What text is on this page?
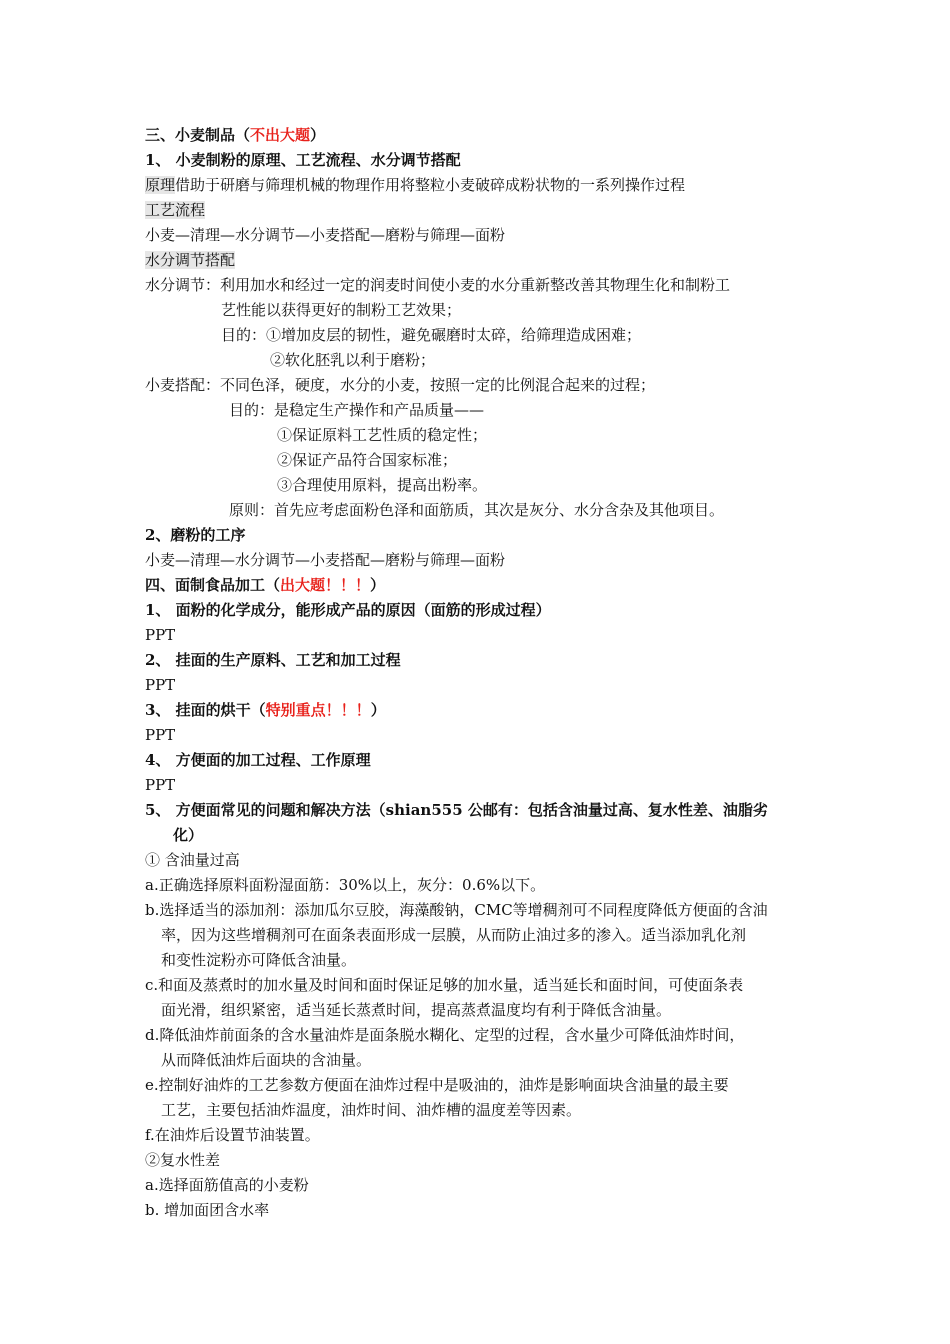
三、小麦制品（不出大题）
1、 小麦制粉的原理、工艺流程、水分调节搭配
原理借助于研磨与筛理机械的物理作用将整粒小麦破碎成粉状物的一系列操作过程
工艺流程
小麦—清理—水分调节—小麦搭配—磨粉与筛理—面粉
水分调节搭配
水分调节：利用加水和经过一定的润麦时间使小麦的水分重新整改善其物理生化和制粉工
艺性能以获得更好的制粉工艺效果；
目的：①增加皮层的韧性，避免碾磨时太碎，给筛理造成困难；
②软化胚乳以利于磨粉；
小麦搭配：不同色泽，硬度，水分的小麦，按照一定的比例混合起来的过程；
目的：是稳定生产操作和产品质量——
①保证原料工艺性质的稳定性；
②保证产品符合国家标准；
③合理使用原料，提高出粉率。
原则：首先应考虑面粉色泽和面筋质，其次是灰分、水分含杂及其他项目。
2、磨粉的工序
小麦—清理—水分调节—小麦搭配—磨粉与筛理—面粉
四、面制食品加工（出大题！！！）
1、 面粉的化学成分，能形成产品的原因（面筋的形成过程）
PPT
2、 挂面的生产原料、工艺和加工过程
PPT
3、 挂面的烘干（特别重点！！！）
PPT
4、 方便面的加工过程、工作原理
PPT
5、 方便面常见的问题和解决方法（shian555 公邮有：包括含油量过高、复水性差、油脂劣
化）
① 含油量过高
a.正确选择原料面粉湿面筋：30%以上，灰分：0.6%以下。
b.选择适当的添加剂：添加瓜尔豆胶，海藻酸钠，CMC等增稠剂可不同程度降低方便面的含油
率，因为这些增稠剂可在面条表面形成一层膜，从而防止油过多的渗入。适当添加乳化剂
和变性淀粉亦可降低含油量。
c.和面及蒸煮时的加水量及时间和面时保证足够的加水量，适当延长和面时间，可使面条表
面光滑，组织紧密，适当延长蒸煮时间，提高蒸煮温度均有利于降低含油量。
d.降低油炸前面条的含水量油炸是面条脱水糊化、定型的过程，含水量少可降低油炸时间，
从而降低油炸后面块的含油量。
e.控制好油炸的工艺参数方便面在油炸过程中是吸油的，油炸是影响面块含油量的最主要
工艺，主要包括油炸温度，油炸时间、油炸槽的温度差等因素。
f.在油炸后设置节油装置。
②复水性差
a.选择面筋值高的小麦粉
b. 增加面团含水率
